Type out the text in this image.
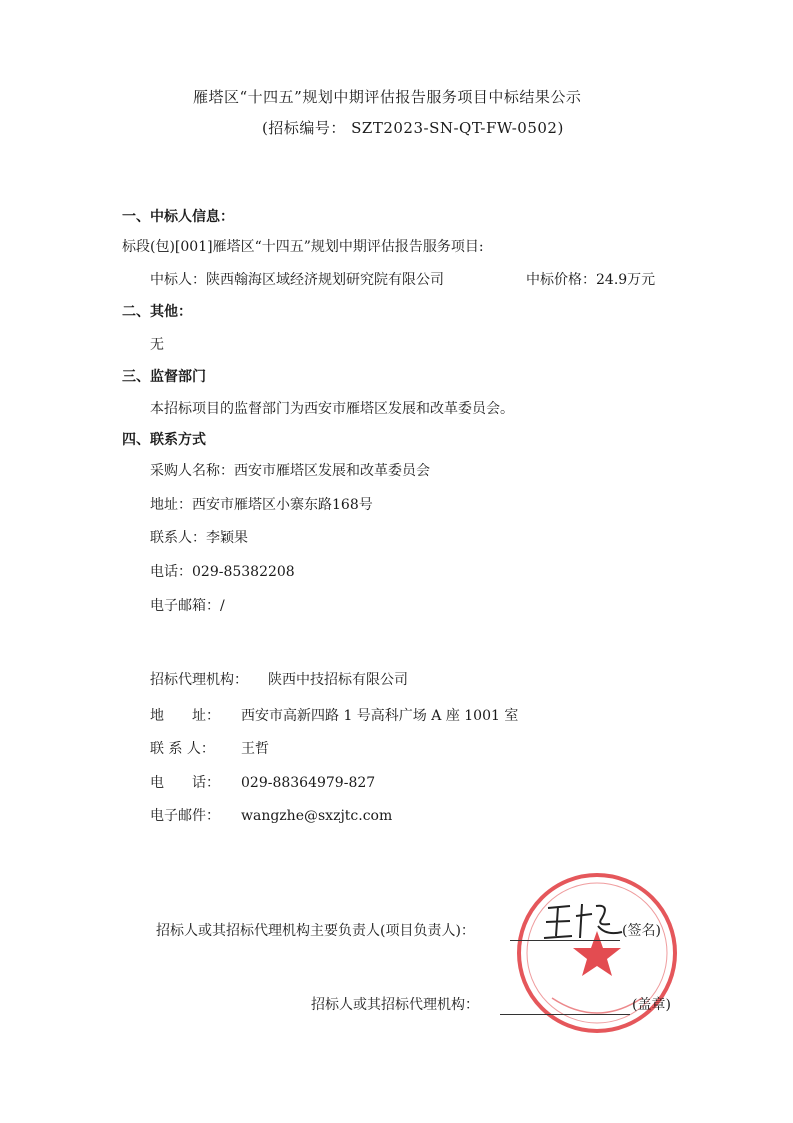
雁塔区“十四五”规划中期评估报告服务项目中标结果公示
(招标编号： SZT2023-SN-QT-FW-0502)
一、中标人信息：
标段(包)[001]雁塔区“十四五”规划中期评估报告服务项目:
中标人：陕西翰海区域经济规划研究院有限公司	中标价格：24.9万元
二、其他：
无
三、监督部门
本招标项目的监督部门为西安市雁塔区发展和改革委员会。
四、联系方式
采购人名称：西安市雁塔区发展和改革委员会
地址：西安市雁塔区小寨东路168号
联系人：李颖果
电话：029-85382208
电子邮箱：/
招标代理机构： 陕西中技招标有限公司
地　　址： 西安市高新四路 1 号高科广场 A 座 1001 室
联 系 人： 王哲
电　　话： 029-88364979-827
电子邮件： wangzhe@sxzjtc.com
招标人或其招标代理机构主要负责人(项目负责人)：	(签名)
招标人或其招标代理机构：	(盖章)
